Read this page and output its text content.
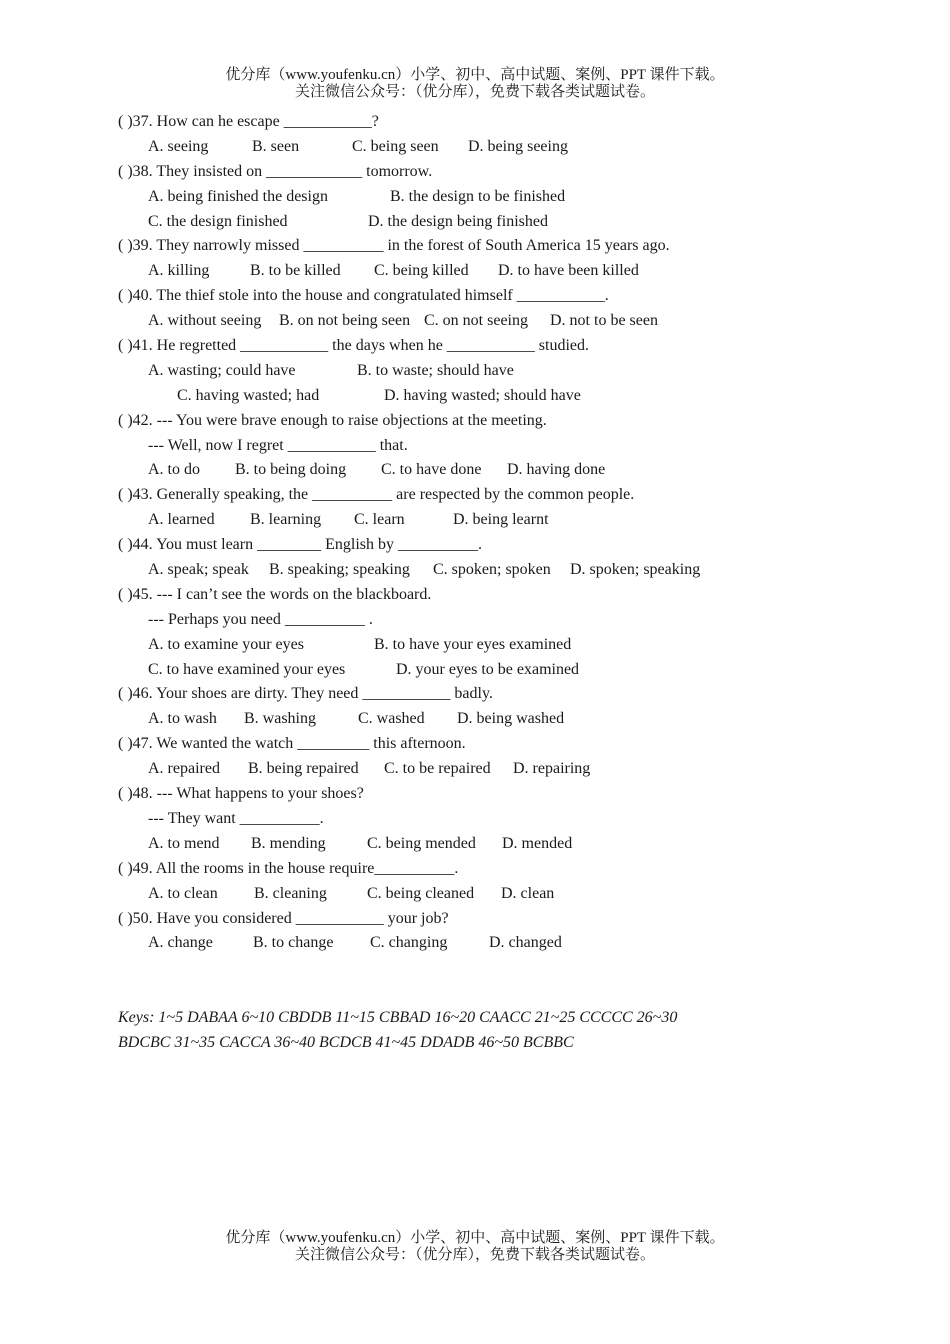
优分库（www.youfenku.cn）小学、初中、高中试题、案例、PPT 课件下载。
关注微信公众号：（优分库），免费下载各类试题试卷。
( )37. How can he escape ___________?
A. seeing	B. seen	C. being seen D. being seeing
( )38. They insisted on ____________ tomorrow.
A. being finished the design	B. the design to be finished
C. the design finished	D. the design being finished
( )39. They narrowly missed __________ in the forest of South America 15 years ago.
A. killing	B. to be killed C. being killed D. to have been killed
( )40. The thief stole into the house and congratulated himself ___________.
A. without seeing B. on not being seen C. on not seeing D. not to be seen
( )41. He regretted ___________ the days when he ___________ studied.
A. wasting; could have	B. to waste; should have
C. having wasted; had	D. having wasted; should have
( )42. --- You were brave enough to raise objections at the meeting.
--- Well, now I regret ___________ that.
A. to do B. to being doing C. to have done D. having done
( )43. Generally speaking, the __________ are respected by the common people.
A. learned B. learning C. learn	D. being learnt
( )44. You must learn ________ English by __________.
A. speak; speak B. speaking; speaking C. spoken; spoken D. spoken; speaking
( )45. --- I can’t see the words on the blackboard.
--- Perhaps you need __________ .
A. to examine your eyes	B. to have your eyes examined
C. to have examined your eyes	D. your eyes to be examined
( )46. Your shoes are dirty. They need ___________ badly.
A. to wash B. washing	C. washed D. being washed
( )47. We wanted the watch _________ this afternoon.
A. repaired B. being repaired C. to be repaired D. repairing
( )48. --- What happens to your shoes?
--- They want __________.
A. to mend B. mending	C. being mended D. mended
( )49. All the rooms in the house require__________.
A. to clean B. cleaning	C. being cleaned D. clean
( )50. Have you considered ___________ your job?
A. change	B. to change C. changing	D. changed
Keys: 1~5 DABAA 6~10 CBDDB 11~15 CBBAD 16~20 CAACC 21~25 CCCCC 26~30
BDCBC 31~35 CACCA 36~40 BCDCB 41~45 DDADB 46~50 BCBBC
优分库（www.youfenku.cn）小学、初中、高中试题、案例、PPT 课件下载。
关注微信公众号：（优分库），免费下载各类试题试卷。
